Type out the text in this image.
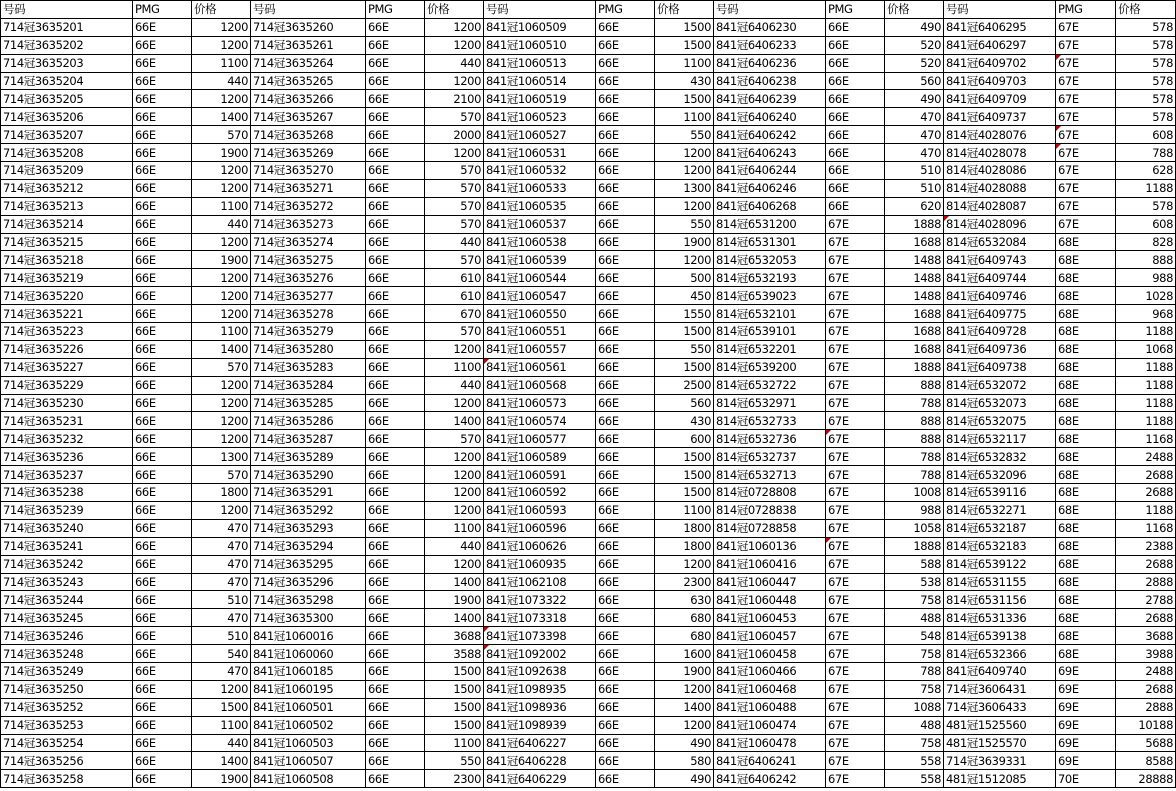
号码	PMG	价格	号码	PMG	价格	号码	PMG	价格	号码	PMG	价格	号码	PMG	价格
714冠3635201	66E	1200	714冠3635260	66E	1200	841冠1060509	66E	1500	841冠6406230	66E	490	841冠6406295	67E	578
714冠3635202	66E	1200	714冠3635261	66E	1200	841冠1060510	66E	1500	841冠6406233	66E	520	841冠6406297	67E	578
714冠3635203	66E	1100	714冠3635264	66E	440	841冠1060513	66E	1100	841冠6406236	66E	520	841冠6409702	67E	578
714冠3635204	66E	440	714冠3635265	66E	1200	841冠1060514	66E	430	841冠6406238	66E	560	841冠6409703	67E	578
714冠3635205	66E	1200	714冠3635266	66E	2100	841冠1060519	66E	1500	841冠6406239	66E	490	841冠6409709	67E	578
714冠3635206	66E	1400	714冠3635267	66E	570	841冠1060523	66E	1100	841冠6406240	66E	470	841冠6409737	67E	578
714冠3635207	66E	570	714冠3635268	66E	2000	841冠1060527	66E	550	841冠6406242	66E	470	814冠4028076	67E	608
714冠3635208	66E	1900	714冠3635269	66E	1200	841冠1060531	66E	1200	841冠6406243	66E	470	814冠4028078	67E	788
714冠3635209	66E	1200	714冠3635270	66E	570	841冠1060532	66E	1200	841冠6406244	66E	510	814冠4028086	67E	628
714冠3635212	66E	1200	714冠3635271	66E	570	841冠1060533	66E	1300	841冠6406246	66E	510	814冠4028088	67E	1188
714冠3635213	66E	1100	714冠3635272	66E	570	841冠1060535	66E	1200	841冠6406268	66E	620	814冠4028087	67E	578
714冠3635214	66E	440	714冠3635273	66E	570	841冠1060537	66E	550	814冠6531200	67E	1888	814冠4028096	67E	608
714冠3635215	66E	1200	714冠3635274	66E	440	841冠1060538	66E	1900	814冠6531301	67E	1688	814冠6532084	68E	828
714冠3635218	66E	1900	714冠3635275	66E	570	841冠1060539	66E	1200	814冠6532053	67E	1488	841冠6409743	68E	888
714冠3635219	66E	1200	714冠3635276	66E	610	841冠1060544	66E	500	814冠6532193	67E	1488	841冠6409744	68E	988
714冠3635220	66E	1200	714冠3635277	66E	610	841冠1060547	66E	450	814冠6539023	67E	1488	841冠6409746	68E	1028
714冠3635221	66E	1200	714冠3635278	66E	670	841冠1060550	66E	1550	814冠6532101	67E	1688	841冠6409775	68E	968
714冠3635223	66E	1100	714冠3635279	66E	570	841冠1060551	66E	1500	814冠6539101	67E	1688	841冠6409728	68E	1188
714冠3635226	66E	1400	714冠3635280	66E	1200	841冠1060557	66E	550	814冠6532201	67E	1688	841冠6409736	68E	1068
714冠3635227	66E	570	714冠3635283	66E	1100	841冠1060561	66E	1500	814冠6539200	67E	1888	841冠6409738	68E	1188
714冠3635229	66E	1200	714冠3635284	66E	440	841冠1060568	66E	2500	814冠6532722	67E	888	814冠6532072	68E	1188
714冠3635230	66E	1200	714冠3635285	66E	1200	841冠1060573	66E	560	814冠6532971	67E	788	814冠6532073	68E	1188
714冠3635231	66E	1200	714冠3635286	66E	1400	841冠1060574	66E	430	814冠6532733	67E	888	814冠6532075	68E	1188
714冠3635232	66E	1200	714冠3635287	66E	570	841冠1060577	66E	600	814冠6532736	67E	888	814冠6532117	68E	1168
714冠3635236	66E	1300	714冠3635289	66E	1200	841冠1060589	66E	1500	814冠6532737	67E	788	814冠6532832	68E	2488
714冠3635237	66E	570	714冠3635290	66E	1200	841冠1060591	66E	1500	814冠6532713	67E	788	814冠6532096	68E	2688
714冠3635238	66E	1800	714冠3635291	66E	1200	841冠1060592	66E	1500	814冠0728808	67E	1008	814冠6539116	68E	2688
714冠3635239	66E	1200	714冠3635292	66E	1200	841冠1060593	66E	1100	814冠0728838	67E	988	814冠6532271	68E	1188
714冠3635240	66E	470	714冠3635293	66E	1100	841冠1060596	66E	1800	814冠0728858	67E	1058	814冠6532187	68E	1168
714冠3635241	66E	470	714冠3635294	66E	440	841冠1060626	66E	1800	841冠1060136	67E	1888	814冠6532183	68E	2388
714冠3635242	66E	470	714冠3635295	66E	1200	841冠1060935	66E	1200	841冠1060416	67E	588	814冠6539122	68E	2688
714冠3635243	66E	470	714冠3635296	66E	1400	841冠1062108	66E	2300	841冠1060447	67E	538	814冠6531155	68E	2888
714冠3635244	66E	510	714冠3635298	66E	1900	841冠1073322	66E	630	841冠1060448	67E	758	814冠6531156	68E	2788
714冠3635245	66E	470	714冠3635300	66E	1400	841冠1073318	66E	680	841冠1060453	67E	488	814冠6531336	68E	2688
714冠3635246	66E	510	841冠1060016	66E	3688	841冠1073398	66E	680	841冠1060457	67E	548	814冠6539138	68E	3688
714冠3635248	66E	540	841冠1060060	66E	3588	841冠1092002	66E	1600	841冠1060458	67E	758	814冠6532366	68E	3988
714冠3635249	66E	470	841冠1060185	66E	1500	841冠1092638	66E	1900	841冠1060466	67E	788	841冠6409740	69E	2488
714冠3635250	66E	1200	841冠1060195	66E	1500	841冠1098935	66E	1200	841冠1060468	67E	758	714冠3606431	69E	2688
714冠3635252	66E	1500	841冠1060501	66E	1500	841冠1098936	66E	1400	841冠1060488	67E	1088	714冠3606433	69E	2888
714冠3635253	66E	1100	841冠1060502	66E	1500	841冠1098939	66E	1200	841冠1060474	67E	488	481冠1525560	69E	10188
714冠3635254	66E	440	841冠1060503	66E	1100	841冠6406227	66E	490	841冠1060478	67E	758	481冠1525570	69E	5688
714冠3635256	66E	1400	841冠1060507	66E	550	841冠6406228	66E	580	841冠6406241	67E	558	714冠3639331	69E	8588
714冠3635258	66E	1900	841冠1060508	66E	2300	841冠6406229	66E	490	841冠6406242	67E	558	481冠1512085	70E	28888
